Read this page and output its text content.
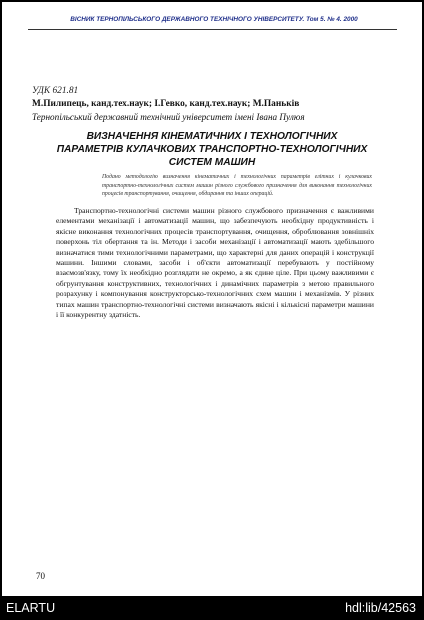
ВІСНИК ТЕРНОПІЛЬСЬКОГО ДЕРЖАВНОГО ТЕХНІЧНОГО УНІВЕРСИТЕТУ. Том 5. № 4. 2000
УДК 621.81
М.Пилипець, канд.тех.наук; І.Гевко, канд.тех.наук; М.Паньків
Тернопільський державний технічний університет імені Івана Пулюя
ВИЗНАЧЕННЯ КІНЕМАТИЧНИХ І ТЕХНОЛОГІЧНИХ
ПАРАМЕТРІВ КУЛАЧКОВИХ ТРАНСПОРТНО-ТЕХНОЛОГІЧНИХ
СИСТЕМ МАШИН
Подано методологію визначення кінематичних і технологічних параметрів елітних і кулачкових транспортно-технологічних систем машин різного службового призначення для виконання технологічних процесів транспортування, очищення, обдирання та інших операцій.

Транспортно-технологічні системи машин різного службового призначення є важливими елементами механізації і автоматизації машин, що забезпечують необхідну продуктивність і якісне виконання технологічних процесів транспортування, очищення, оброблювання зовнішніх поверхонь тіл обертання та ін. Методи і засоби механізації і автоматизації мають здебільшого визначатися тими технологічними параметрами, що характерні для даних операцій і конструкції машини. Іншими словами, засоби і об'єкти автоматизації перебувають у постійному взаємозв'язку, тому їх необхідно розглядати не окремо, а як єдине ціле. При цьому важливими є обгрунтування конструктивних, технологічних і динамічних параметрів з метою правильного розрахунку і компонування конструкторсько-технологічних схем машин і механізмів. У різних типах машин транспортно-технологічні системи визначають якісні і кількісні параметри машини і її конкурентну здатність.

70
ELARTU	hdl:lib/42563
